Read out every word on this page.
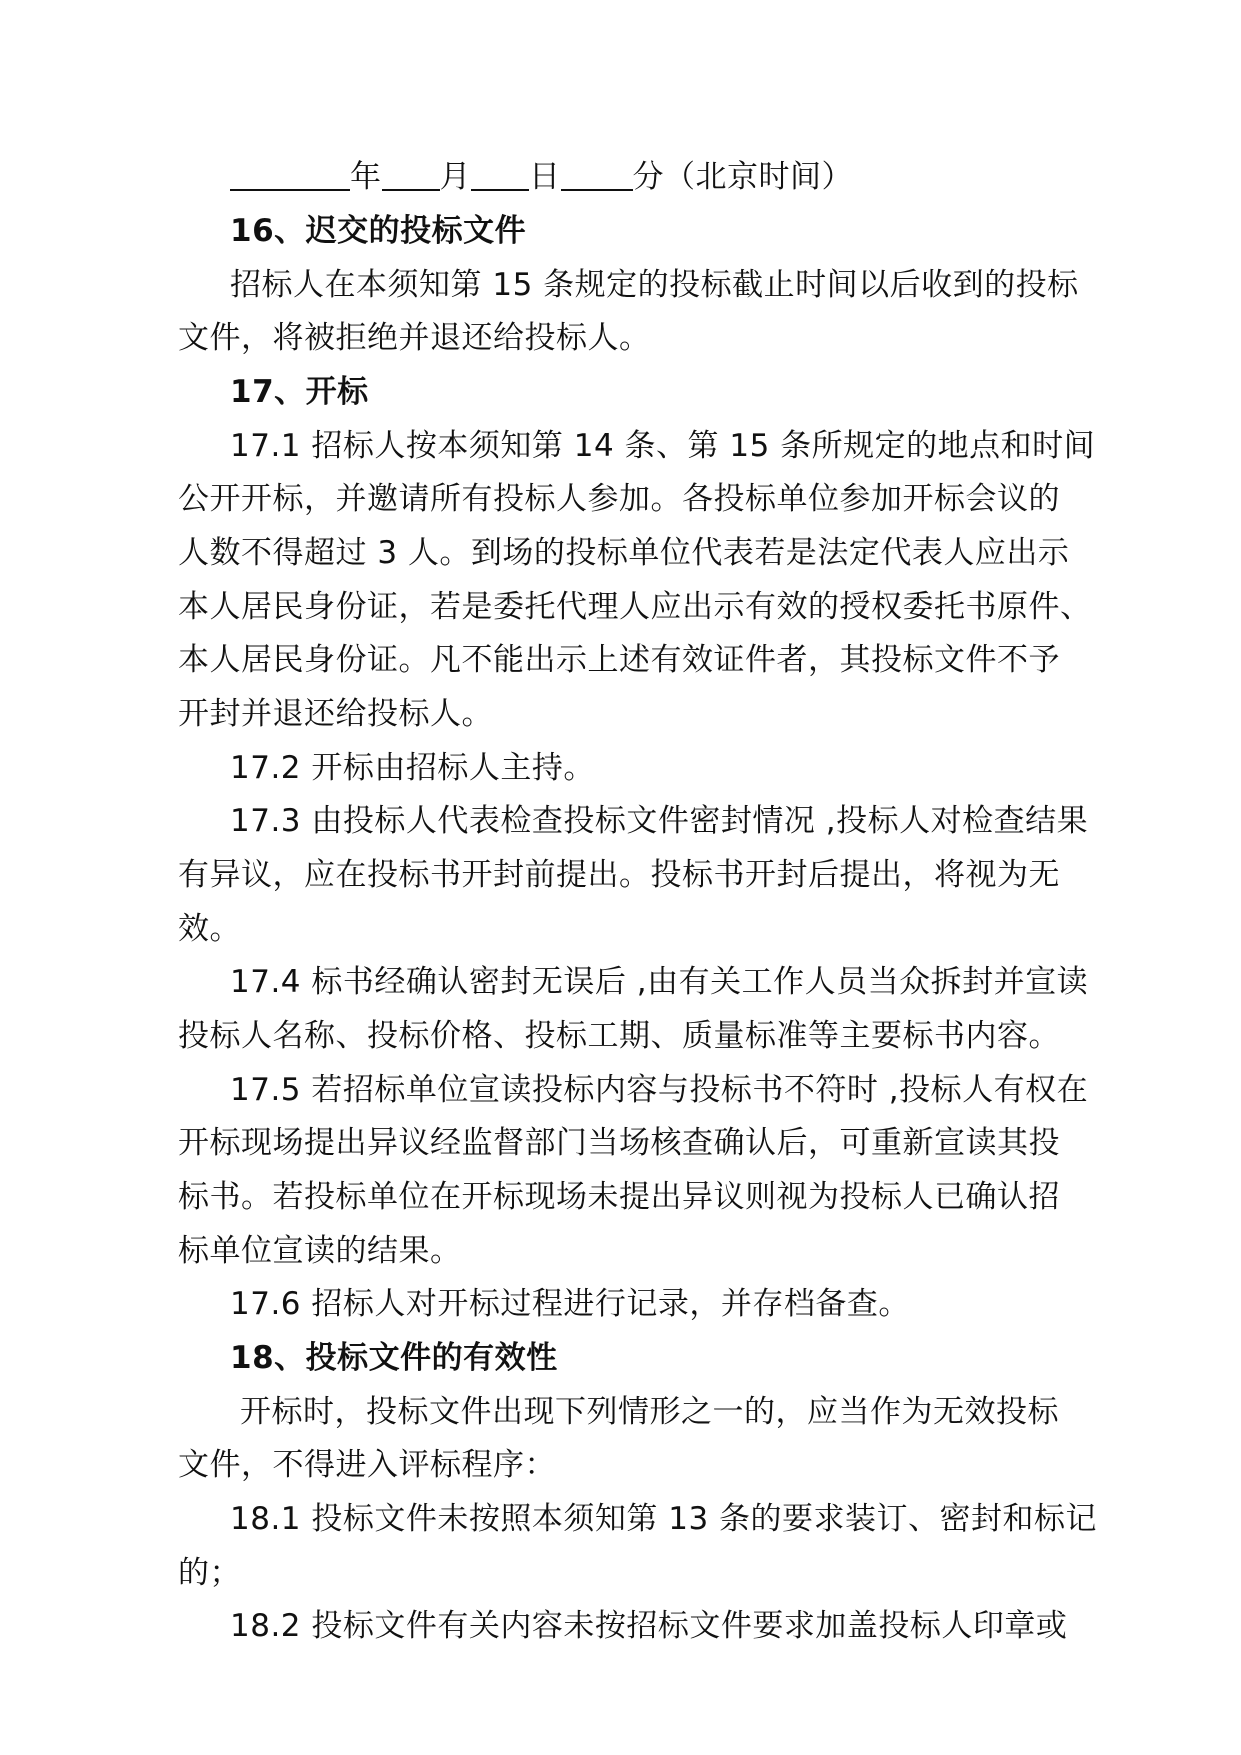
年 月 日 分（北京时间）
16、迟交的投标文件
招标人在本须知第 15 条规定的投标截止时间以后收到的投标
文件，将被拒绝并退还给投标人。
17、开标
17.1 招标人按本须知第 14 条、第 15 条所规定的地点和时间
公开开标，并邀请所有投标人参加。各投标单位参加开标会议的
人数不得超过 3 人。到场的投标单位代表若是法定代表人应出示
本人居民身份证，若是委托代理人应出示有效的授权委托书原件、
本人居民身份证。凡不能出示上述有效证件者，其投标文件不予
开封并退还给投标人。
17.2 开标由招标人主持。
17.3 由投标人代表检查投标文件密封情况 ,投标人对检查结果
有异议，应在投标书开封前提出。投标书开封后提出，将视为无
效。
17.4 标书经确认密封无误后 ,由有关工作人员当众拆封并宣读
投标人名称、投标价格、投标工期、质量标准等主要标书内容。
17.5 若招标单位宣读投标内容与投标书不符时 ,投标人有权在
开标现场提出异议经监督部门当场核查确认后，可重新宣读其投
标书。若投标单位在开标现场未提出异议则视为投标人已确认招
标单位宣读的结果。
17.6 招标人对开标过程进行记录，并存档备查。
18、投标文件的有效性
开标时，投标文件出现下列情形之一的，应当作为无效投标
文件，不得进入评标程序：
18.1 投标文件未按照本须知第 13 条的要求装订、密封和标记
的；
18.2 投标文件有关内容未按招标文件要求加盖投标人印章或
